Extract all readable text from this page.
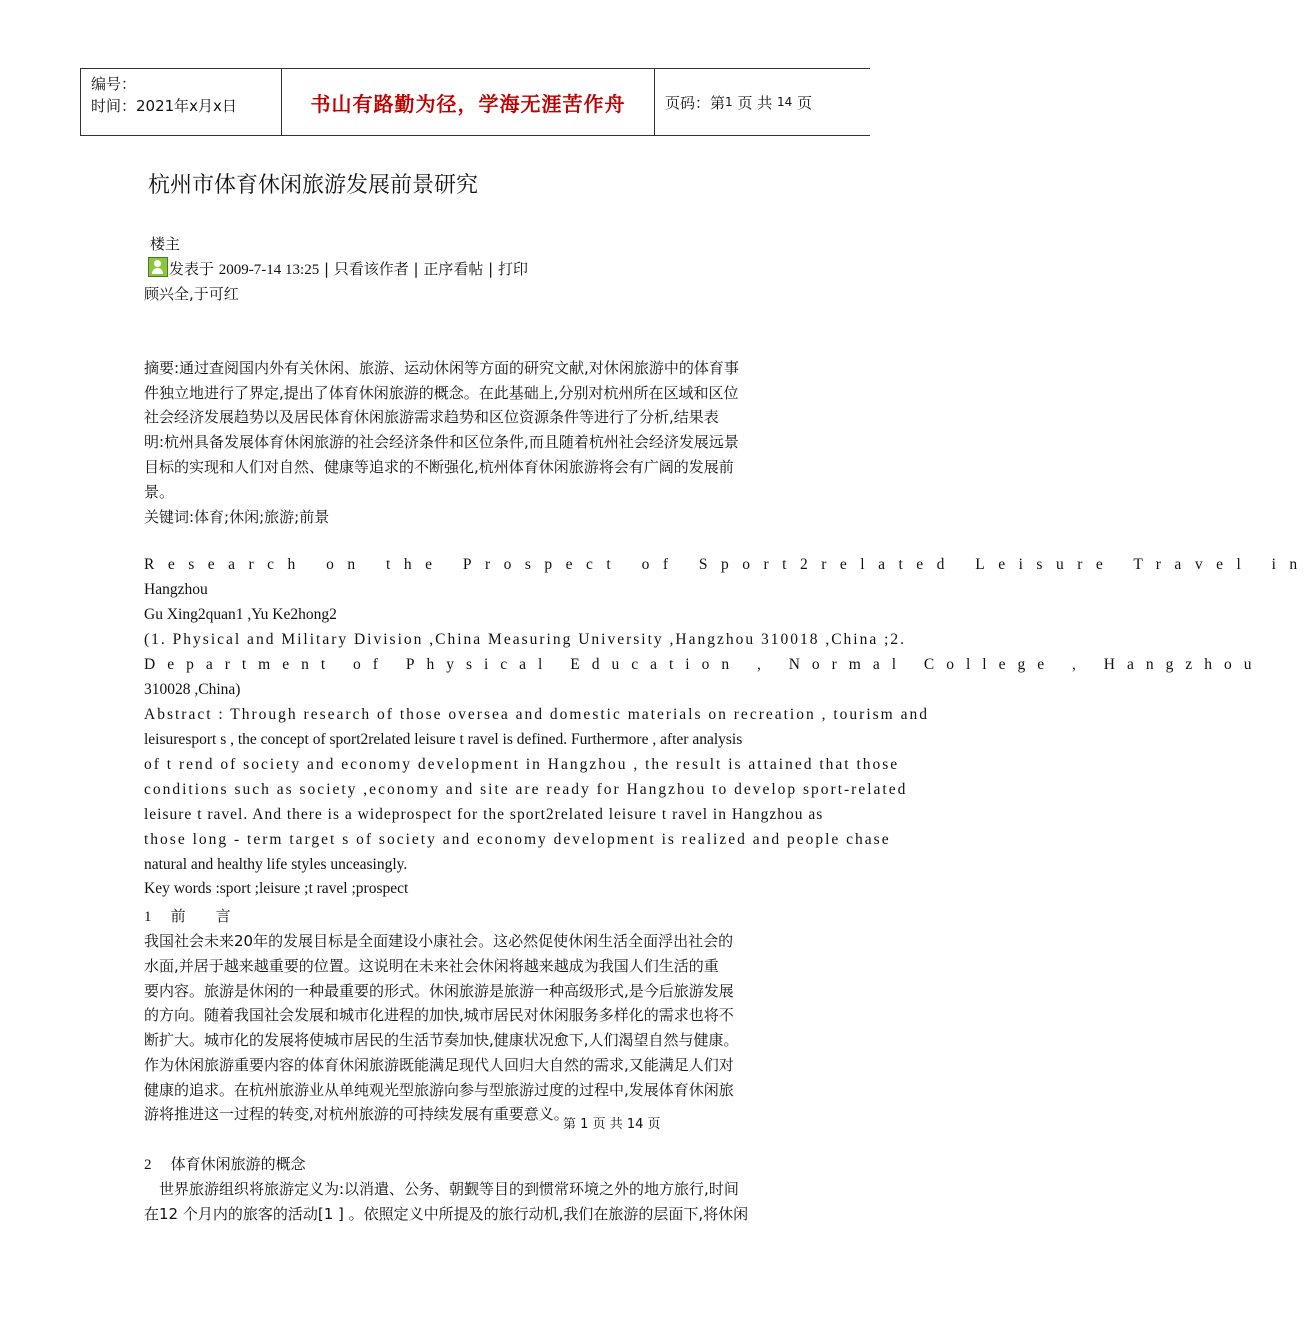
编号：
时间：2021年x月x日	书山有路勤为径，学海无涯苦作舟	页码：第 1
页 共
14
页
杭州市体育休闲旅游发展前景研究
楼主
发表于 2009-7-14 13:25 | 只看该作者 | 正序看帖 | 打印
顾兴全,于可红
摘要:通过查阅国内外有关休闲、旅游、运动休闲等方面的研究文献,对休闲旅游中的体育事
件独立地进行了界定,提出了体育休闲旅游的概念。在此基础上,分别对杭州所在区域和区位
社会经济发展趋势以及居民体育休闲旅游需求趋势和区位资源条件等进行了分析,结果表
明:杭州具备发展体育休闲旅游的社会经济条件和区位条件,而且随着杭州社会经济发展远景
目标的实现和人们对自然、健康等追求的不断强化,杭州体育休闲旅游将会有广阔的发展前
景。
关键词:体育;休闲;旅游;前景
Research on the Prospect of Sport2related Leisure Travel in
Hangzhou
Gu Xing2quan1 ,Yu Ke2hong2
(1. Physical and Military Division ,China Measuring University ,Hangzhou 310018 ,China ;2.
Department of Physical Education , Normal College , Hangzhou
310028 ,China)
Abstract : Through research of those oversea and domestic materials on recreation , tourism and
leisuresport s , the concept of sport2related leisure t ravel is defined. Furthermore , after analysis
of t rend of society and economy development in Hangzhou , the result is attained that those
conditions such as society ,economy and site are ready for Hangzhou to develop sport-related
leisure t ravel. And there is a wideprospect for the sport2related leisure t ravel in Hangzhou as
those long - term target s of society and economy development is realized and people chase
natural and healthy life styles unceasingly.
Key words :sport ;leisure ;t ravel ;prospect
1 前　　言
我国社会未来20年的发展目标是全面建设小康社会。这必然促使休闲生活全面浮出社会的
水面,并居于越来越重要的位置。这说明在未来社会休闲将越来越成为我国人们生活的重
要内容。旅游是休闲的一种最重要的形式。休闲旅游是旅游一种高级形式,是今后旅游发展
的方向。随着我国社会发展和城市化进程的加快,城市居民对休闲服务多样化的需求也将不
断扩大。城市化的发展将使城市居民的生活节奏加快,健康状况愈下,人们渴望自然与健康。
作为休闲旅游重要内容的体育休闲旅游既能满足现代人回归大自然的需求,又能满足人们对
健康的追求。在杭州旅游业从单纯观光型旅游向参与型旅游过度的过程中,发展体育休闲旅
游将推进这一过程的转变,对杭州旅游的可持续发展有重要意义。
第 1 页 共 14 页
2 体育休闲旅游的概念
　世界旅游组织将旅游定义为:以消遣、公务、朝觐等目的到惯常环境之外的地方旅行,时间
在12 个月内的旅客的活动[1 ] 。依照定义中所提及的旅行动机,我们在旅游的层面下,将休闲
